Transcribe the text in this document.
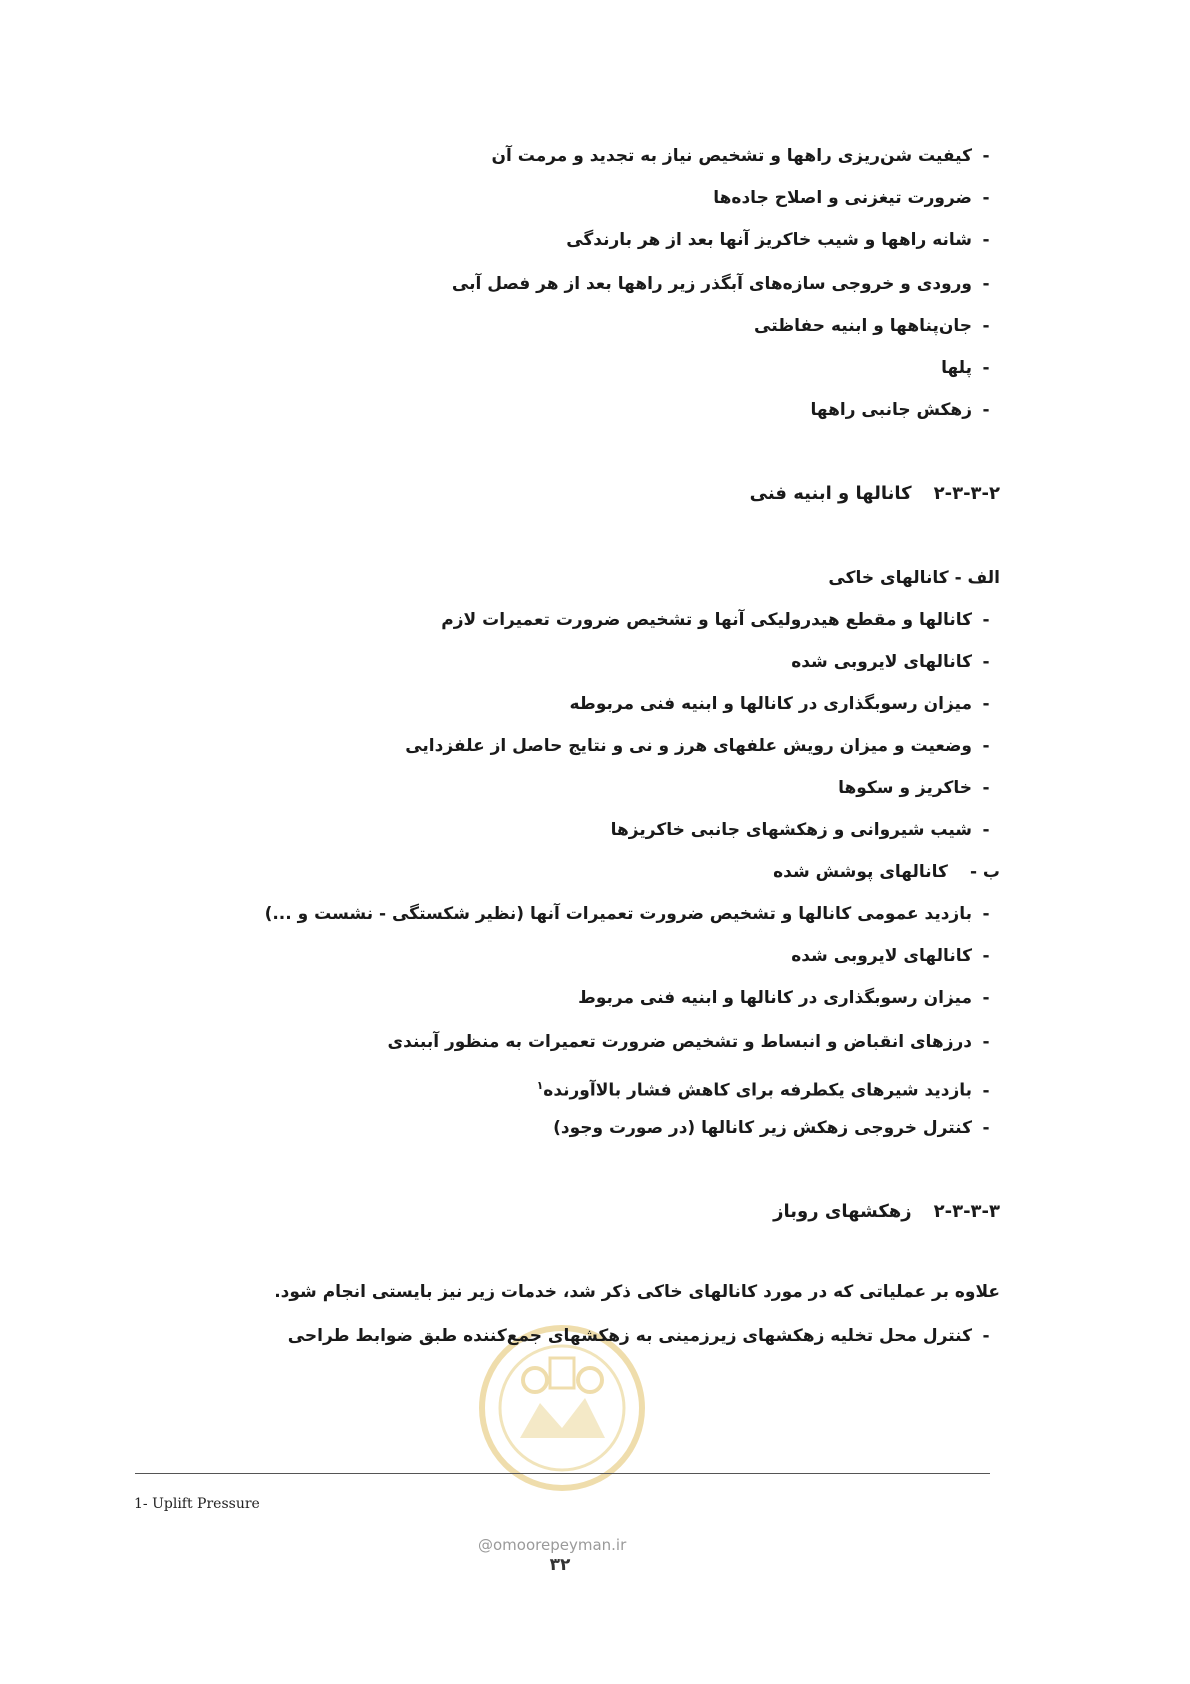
-کیفیت شن‌ریزی راهها و تشخیص نیاز به تجدید و مرمت آن
-ضرورت تیغزنی و اصلاح جاده‌ها
-شانه راهها و شیب خاکریز آنها بعد از هر بارندگی
-ورودی و خروجی سازه‌های آبگذر زیر راهها بعد از هر فصل آبی
-جان‌پناهها و ابنیه حفاظتی
-پلها
-زهکش جانبی راهها
۲-۳-۳-۲کانالها و ابنیه فنی
الف - کانالهای خاکی
-کانالها و مقطع هیدرولیکی آنها و تشخیص ضرورت تعمیرات لازم
-کانالهای لایروبی شده
-میزان رسوبگذاری در کانالها و ابنیه فنی مربوطه
-وضعیت و میزان رویش علفهای هرز و نی و نتایج حاصل از علفزدایی
-خاکریز و سکوها
-شیب شیروانی و زهکشهای جانبی خاکریزها
ب -کانالهای پوشش شده
-بازدید عمومی کانالها و تشخیص ضرورت تعمیرات آنها (نظیر شکستگی - نشست و ...)
-کانالهای لایروبی شده
-میزان رسوبگذاری در کانالها و ابنیه فنی مربوط
-درزهای انقباض و انبساط و تشخیص ضرورت تعمیرات به منظور آببندی
-بازدید شیرهای یکطرفه برای کاهش فشار بالاآورنده$^۱$
-کنترل خروجی زهکش زیر کانالها (در صورت وجود)
۲-۳-۳-۳زهکشهای روباز
علاوه بر عملیاتی که در مورد کانالهای خاکی ذکر شد، خدمات زیر نیز بایستی انجام شود.
-کنترل محل تخلیه زهکشهای زیرزمینی به زهکشهای جمع‌کننده طبق ضوابط طراحی
1- Uplift Pressure
@omoorepeyman.ir
۳۲
